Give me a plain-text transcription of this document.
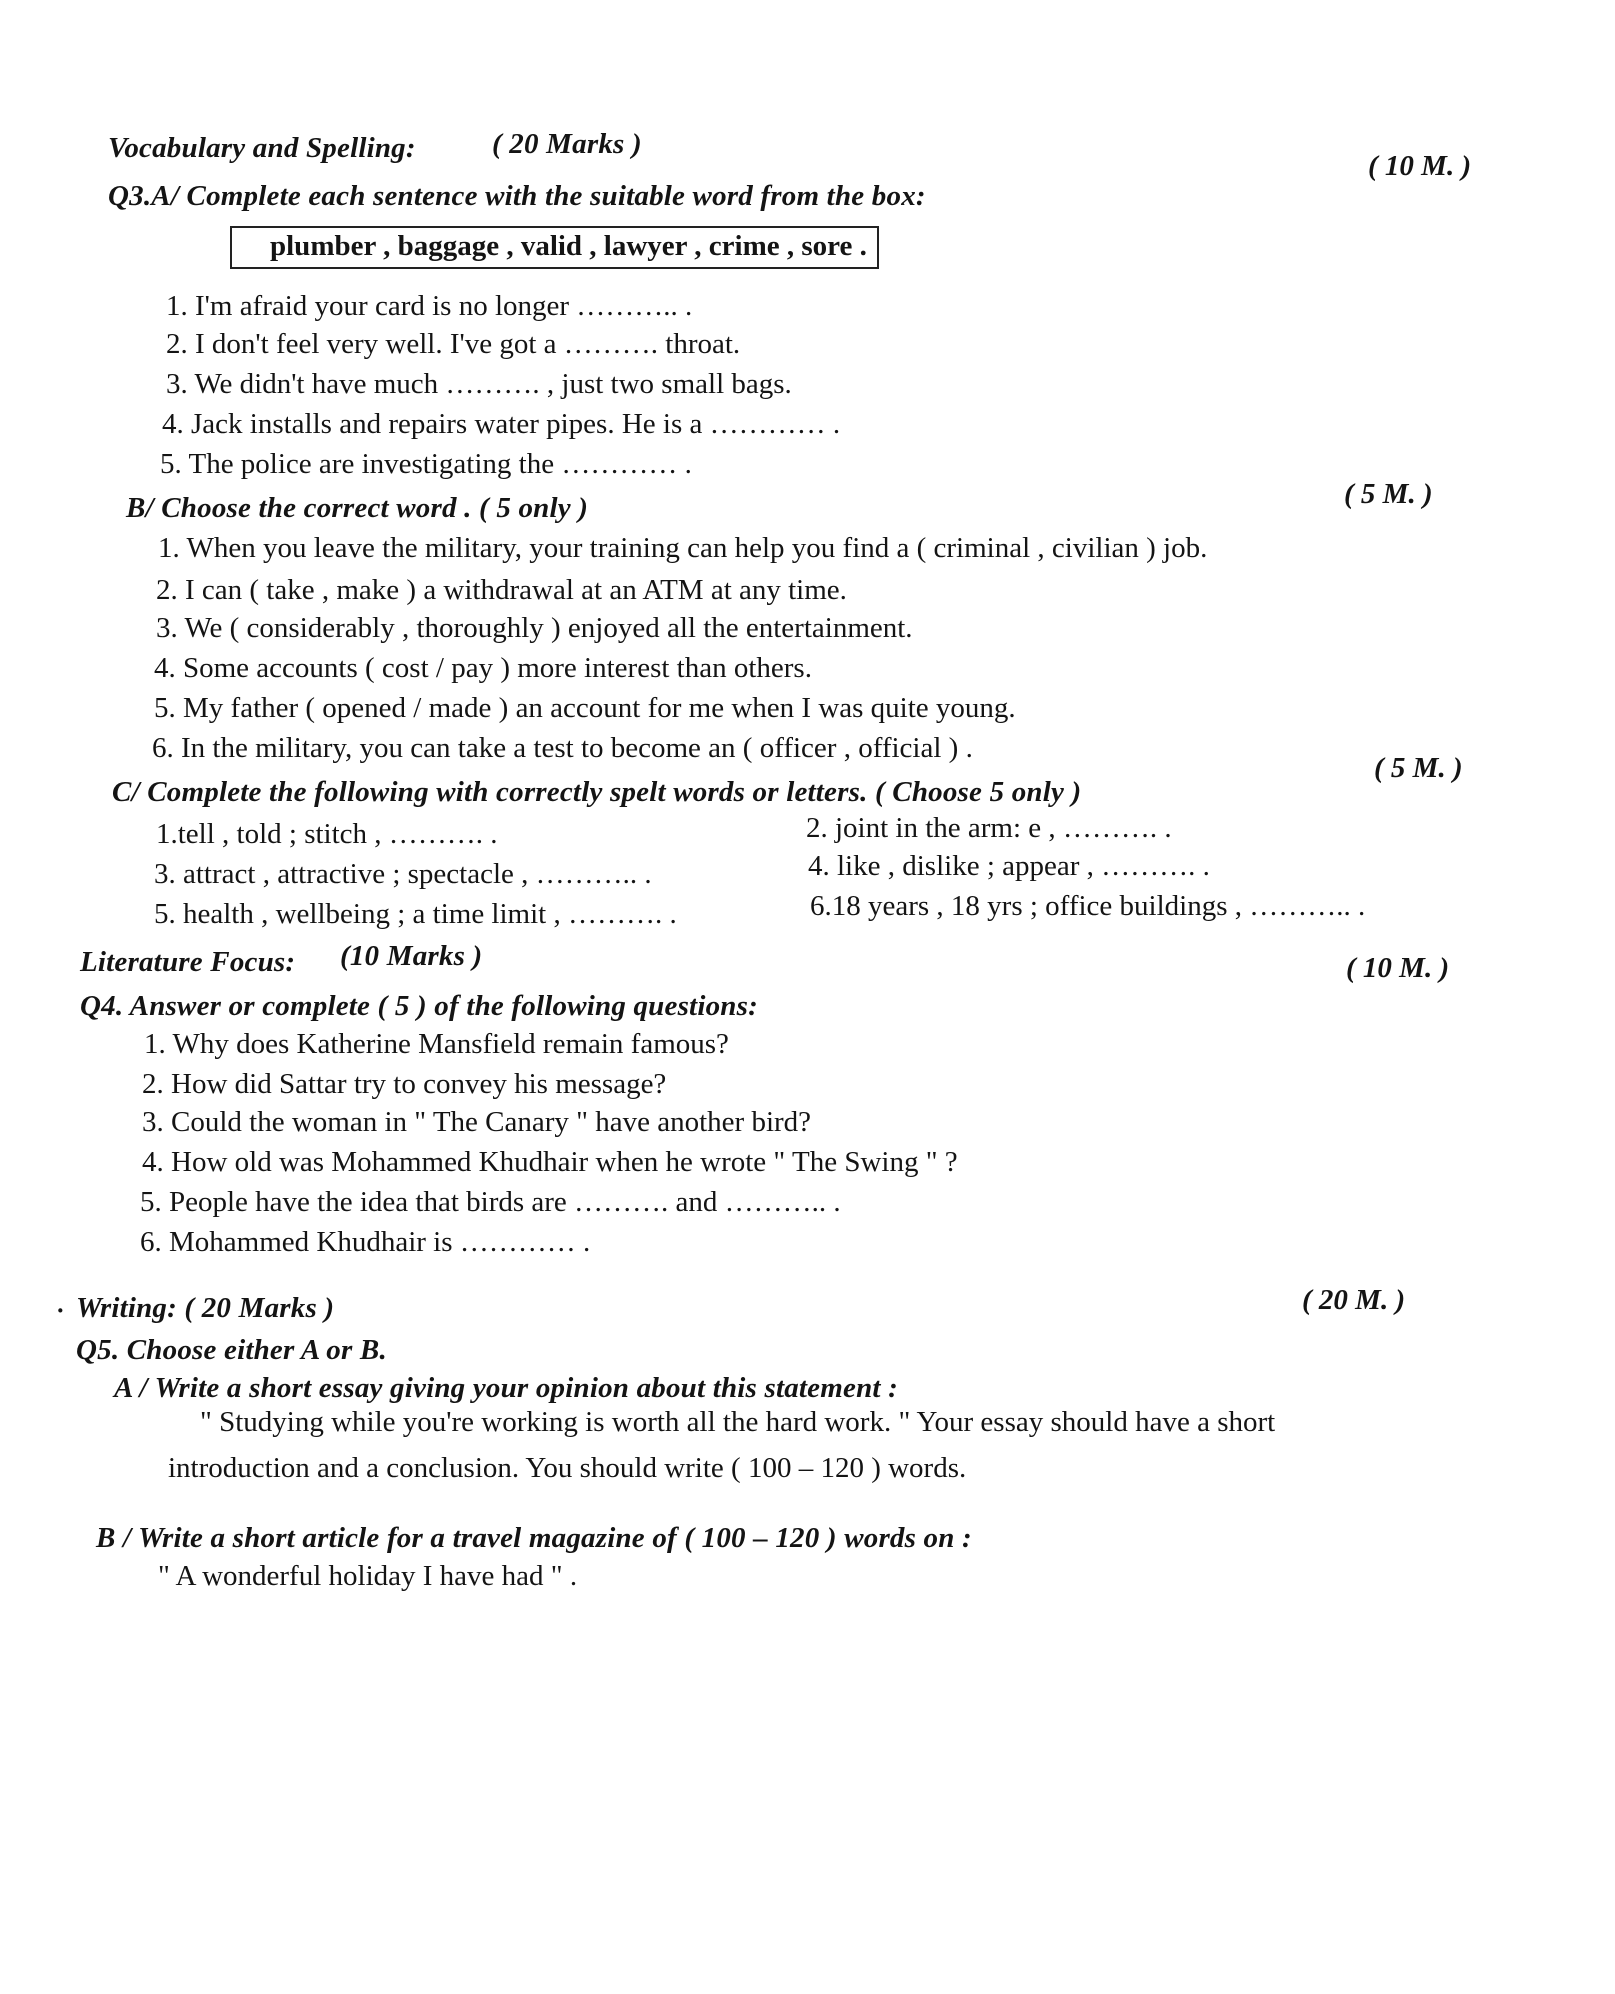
Vocabulary and Spelling:	( 20 Marks )
Q3.A/ Complete each sentence with the suitable word from the box:
( 10 M. )
plumber , baggage , valid , lawyer , crime , sore .
1. I'm afraid your card is no longer ……….. .
2. I don't feel very well. I've got a ………. throat.
3. We didn't have much ………. , just two small bags.
4. Jack installs and repairs water pipes. He is a ………… .
5. The police are investigating the ………… .
B/ Choose the correct word . ( 5 only )	( 5 M. )
1. When you leave the military, your training can help you find a ( criminal , civilian ) job.
2. I can ( take , make ) a withdrawal at an ATM at any time.
3. We ( considerably , thoroughly ) enjoyed all the entertainment.
4. Some accounts ( cost / pay ) more interest than others.
5. My father ( opened / made ) an account for me when I was quite young.
6. In the military, you can take a test to become an ( officer , official ) .
C/ Complete the following with correctly spelt words or letters. ( Choose 5 only )
( 5 M. )
1.tell , told ; stitch , ………. .	2. joint in the arm: e , ………. .
3. attract , attractive ; spectacle , ……….. .	4. like , dislike ; appear , ………. .
5. health , wellbeing ; a time limit , ………. .	6.18 years , 18 yrs ; office buildings , ……….. .
Literature Focus: (10 Marks )
Q4. Answer or complete ( 5 ) of the following questions:
( 10 M. )
1. Why does Katherine Mansfield remain famous?
2. How did Sattar try to convey his message?
3. Could the woman in " The Canary " have another bird?
4. How old was Mohammed Khudhair when he wrote " The Swing " ?
5. People have the idea that birds are ………. and ……….. .
6. Mohammed Khudhair is ………… .
· Writing: ( 20 Marks )	( 20 M. )
Q5. Choose either A or B.
A / Write a short essay giving your opinion about this statement :
" Studying while you're working is worth all the hard work. " Your essay should have a short
introduction and a conclusion. You should write ( 100 – 120 ) words.
B / Write a short article for a travel magazine of ( 100 – 120 ) words on :
" A wonderful holiday I have had " .
